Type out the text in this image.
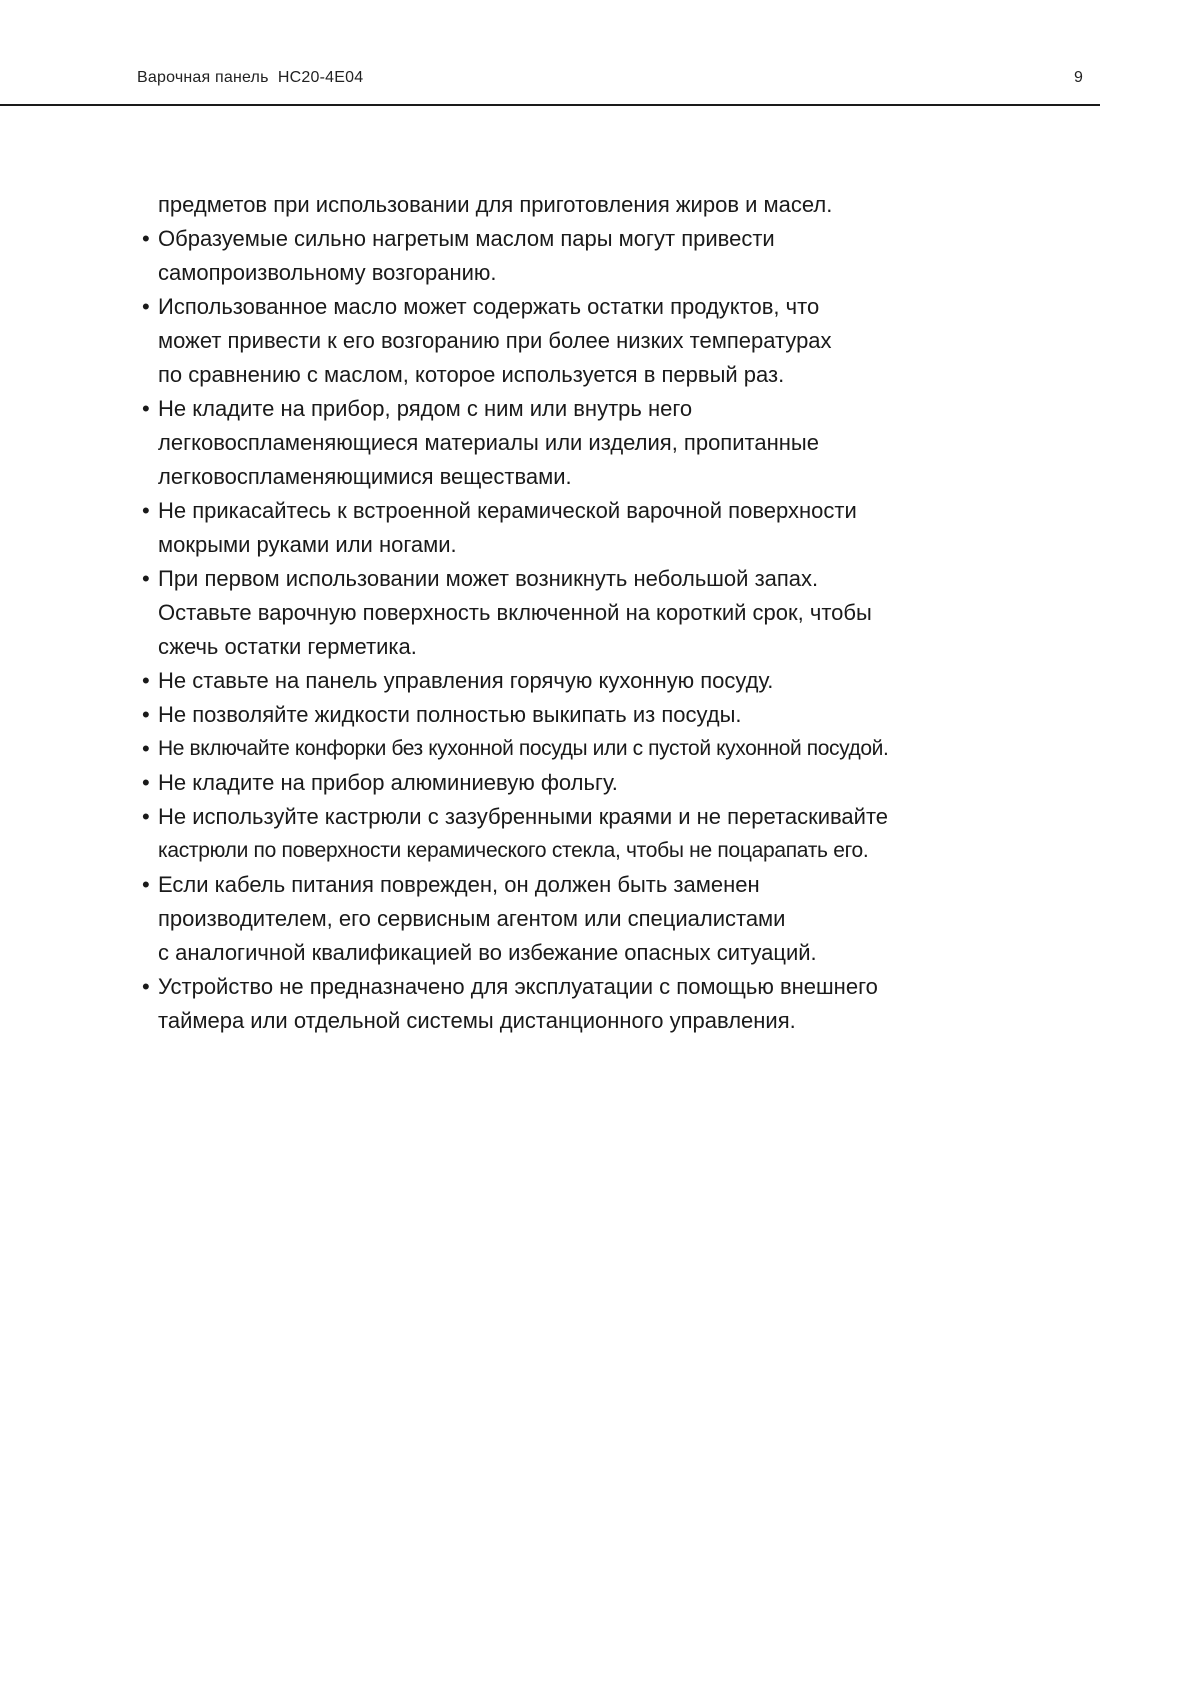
Варочная панель  HC20-4E04	9
предметов при использовании для приготовления жиров и масел.
• Образуемые сильно нагретым маслом пары могут привести
самопроизвольному возгоранию.
• Использованное масло может содержать остатки продуктов, что
может привести к его возгоранию при более низких температурах
по сравнению с маслом, которое используется в первый раз.
• Не кладите на прибор, рядом с ним или внутрь него
легковоспламеняющиеся материалы или изделия, пропитанные
легковоспламеняющимися веществами.
• Не прикасайтесь к встроенной керамической варочной поверхности
мокрыми руками или ногами.
• При первом использовании может возникнуть небольшой запах.
Оставьте варочную поверхность включенной на короткий срок, чтобы
сжечь остатки герметика.
• Не ставьте на панель управления горячую кухонную посуду.
• Не позволяйте жидкости полностью выкипать из посуды.
• Не включайте конфорки без кухонной посуды или с пустой кухонной посудой.
• Не кладите на прибор алюминиевую фольгу.
• Не используйте кастрюли с зазубренными краями и не перетаскивайте
кастрюли по поверхности керамического стекла, чтобы не поцарапать его.
• Если кабель питания поврежден, он должен быть заменен
производителем, его сервисным агентом или специалистами
с аналогичной квалификацией во избежание опасных ситуаций.
• Устройство не предназначено для эксплуатации с помощью внешнего
таймера или отдельной системы дистанционного управления.
